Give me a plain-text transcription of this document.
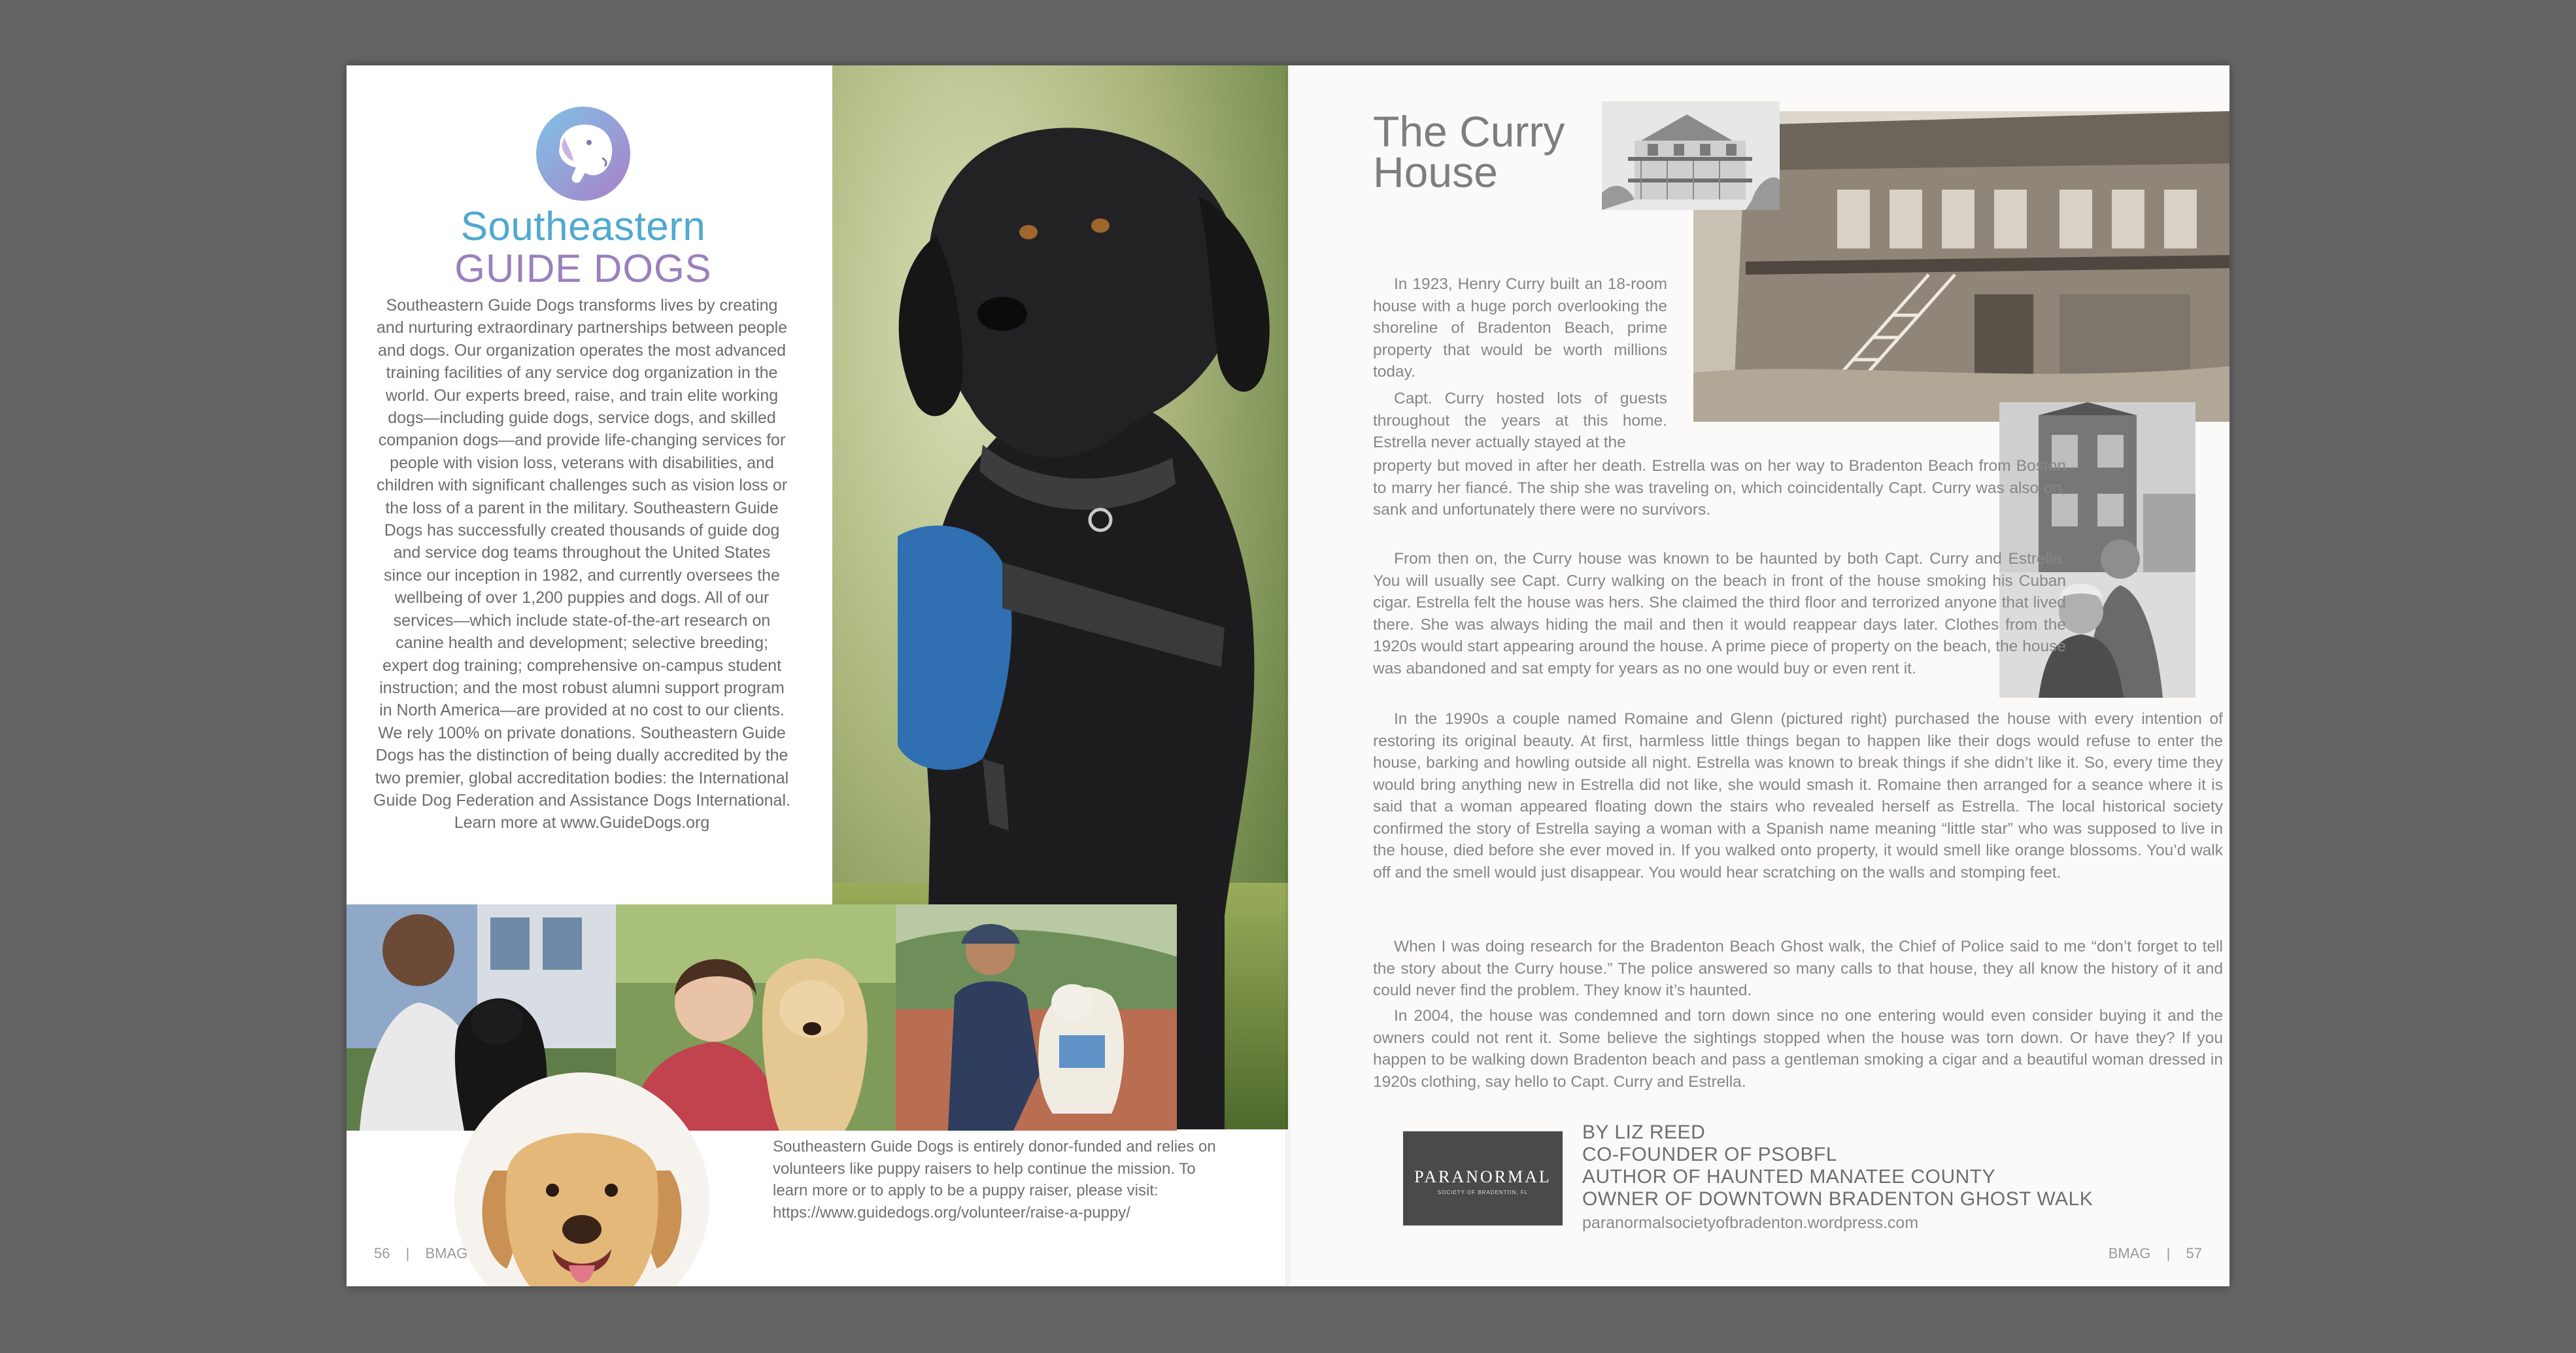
Southeastern
GUIDE DOGS

Southeastern Guide Dogs transforms lives by creating and nurturing extraordinary partnerships between people and dogs. Our organization operates the most advanced training facilities of any service dog organization in the world. Our experts breed, raise, and train elite working dogs—including guide dogs, service dogs, and skilled companion dogs—and provide life-changing services for people with vision loss, veterans with disabilities, and children with significant challenges such as vision loss or the loss of a parent in the military. Southeastern Guide Dogs has successfully created thousands of guide dog and service dog teams throughout the United States since our inception in 1982, and currently oversees the wellbeing of over 1,200 puppies and dogs. All of our services—which include state-of-the-art research on canine health and development; selective breeding; expert dog training; comprehensive on-campus student instruction; and the most robust alumni support program in North America—are provided at no cost to our clients. We rely 100% on private donations. Southeastern Guide Dogs has the distinction of being dually accredited by the two premier, global accreditation bodies: the International Guide Dog Federation and Assistance Dogs International. Learn more at www.GuideDogs.org

Southeastern Guide Dogs is entirely donor-funded and relies on volunteers like puppy raisers to help continue the mission. To learn more or to apply to be a puppy raiser, please visit: https://www.guidedogs.org/volunteer/raise-a-puppy/

56 | BMAG
The Curry House

In 1923, Henry Curry built an 18-room house with a huge porch overlooking the shoreline of Bradenton Beach, prime property that would be worth millions today.

Capt. Curry hosted lots of guests throughout the years at this home. Estrella never actually stayed at the

property but moved in after her death. Estrella was on her way to Bradenton Beach from Boston to marry her fiancé. The ship she was traveling on, which coincidentally Capt. Curry was also on, sank and unfortunately there were no survivors.

From then on, the Curry house was known to be haunted by both Capt. Curry and Estrella. You will usually see Capt. Curry walking on the beach in front of the house smoking his Cuban cigar. Estrella felt the house was hers. She claimed the third floor and terrorized anyone that lived there. She was always hiding the mail and then it would reappear days later. Clothes from the 1920s would start appearing around the house. A prime piece of property on the beach, the house was abandoned and sat empty for years as no one would buy or even rent it.

In the 1990s a couple named Romaine and Glenn (pictured right) purchased the house with every intention of restoring its original beauty. At first, harmless little things began to happen like their dogs would refuse to enter the house, barking and howling outside all night. Estrella was known to break things if she didn’t like it. So, every time they would bring anything new in Estrella did not like, she would smash it. Romaine then arranged for a seance where it is said that a woman appeared floating down the stairs who revealed herself as Estrella. The local historical society confirmed the story of Estrella saying a woman with a Spanish name meaning “little star” who was supposed to live in the house, died before she ever moved in. If you walked onto property, it would smell like orange blossoms. You’d walk off and the smell would just disappear. You would hear scratching on the walls and stomping feet.

When I was doing research for the Bradenton Beach Ghost walk, the Chief of Police said to me “don’t forget to tell the story about the Curry house.” The police answered so many calls to that house, they all know the history of it and could never find the problem. They know it’s haunted.

In 2004, the house was condemned and torn down since no one entering would even consider buying it and the owners could not rent it. Some believe the sightings stopped when the house was torn down. Or have they? If you happen to be walking down Bradenton beach and pass a gentleman smoking a cigar and a beautiful woman dressed in 1920s clothing, say hello to Capt. Curry and Estrella.

PARANORMAL
SOCIETY OF BRADENTON, FL
BY LIZ REED
CO-FOUNDER OF PSOBFL
AUTHOR OF HAUNTED MANATEE COUNTY
OWNER OF DOWNTOWN BRADENTON GHOST WALK
paranormalsocietyofbradenton.wordpress.com
BMAG | 57
